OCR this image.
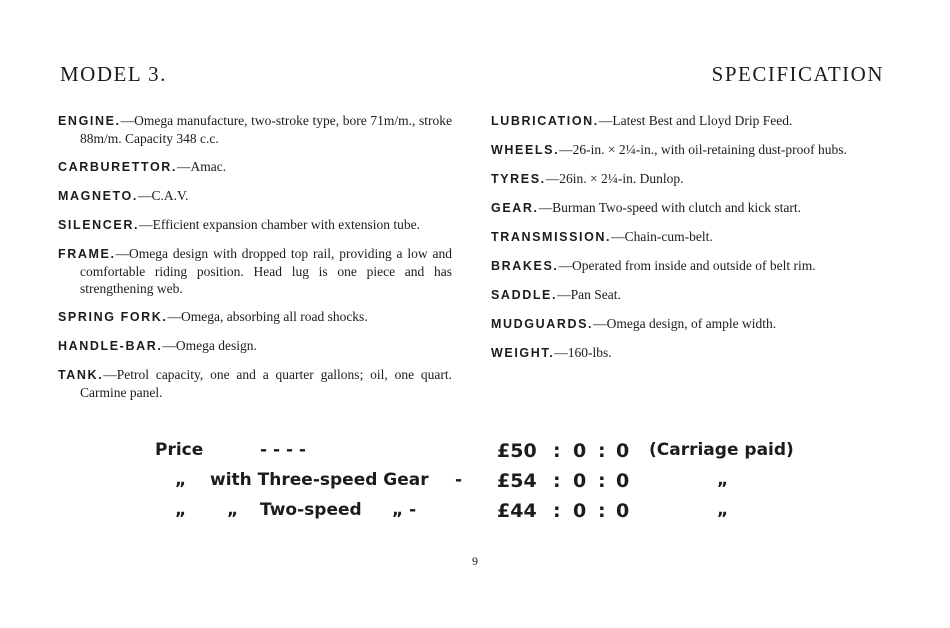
MODEL 3.	SPECIFICATION

ENGINE.—Omega manufacture, two-stroke type, bore 71m/m., stroke 88m/m. Capacity 348 c.c.

CARBURETTOR.—Amac.

MAGNETO.—C.A.V.

SILENCER.—Efficient expansion chamber with extension tube.

FRAME.—Omega design with dropped top rail, providing a low and comfortable riding position. Head lug is one piece and has strengthening web.

SPRING FORK.—Omega, absorbing all road shocks.

HANDLE-BAR.—Omega design.

TANK.—Petrol capacity, one and a quarter gallons; oil, one quart. Carmine panel.

LUBRICATION.—Latest Best and Lloyd Drip Feed.

WHEELS.—26-in. × 2¼-in., with oil-retaining dust-proof hubs.

TYRES.—26in. × 2¼-in. Dunlop.

GEAR.—Burman Two-speed with clutch and kick start.

TRANSMISSION.—Chain-cum-belt.

BRAKES.—Operated from inside and outside of belt rim.

SADDLE.—Pan Seat.

MUDGUARDS.—Omega design, of ample width.

WEIGHT.—160-lbs.

Price	- - - -	£50 : 0 : 0 (Carriage paid)
„ with Three-speed Gear - £54 : 0 : 0	„
„ „ Two-speed „ -	£44 : 0 : 0	„
9
